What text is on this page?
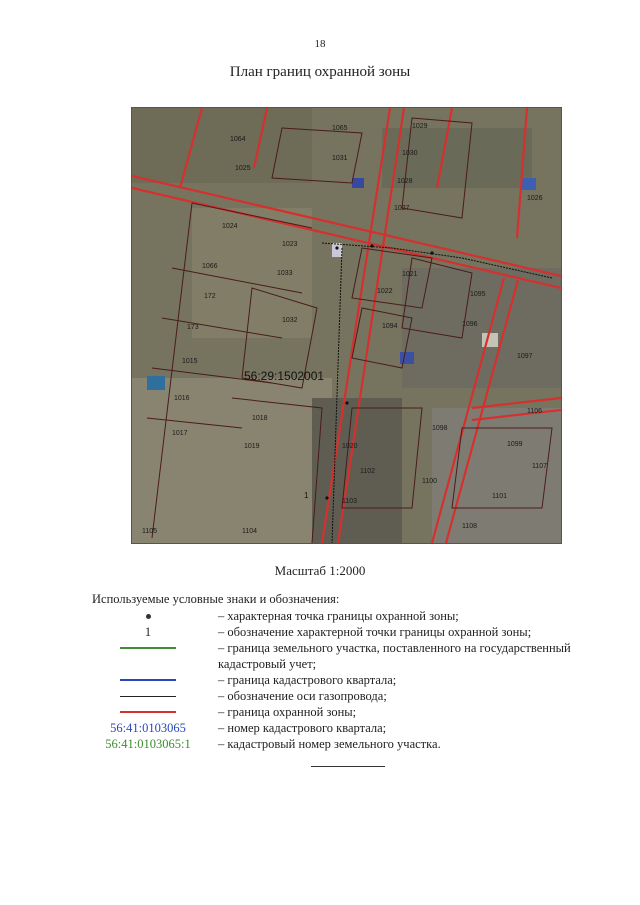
18
План границ охранной зоны
1064
1065
1031
1029
1030
1028
1027
1026
1025
1024
1023
1033
1032
1066
172
173
1015
1016
1017
1018
1019	1020
1021
1022
1094
1095
1096
1097
1098
1099
1100
1101
1102
1103
1104
1105
1106
1107
1108
1
56:29:1502001
Масштаб 1:2000
Используемые условные знаки и обозначения:
– характерная точка границы охранной зоны;
1	– обозначение характерной точки границы охранной зоны;
– граница земельного участка, поставленного на государственный кадастровый учет;
– граница кадастрового квартала;
– обозначение оси газопровода;
– граница охранной зоны;
56:41:0103065	– номер кадастрового квартала;
56:41:0103065:1	– кадастровый номер земельного участка.
